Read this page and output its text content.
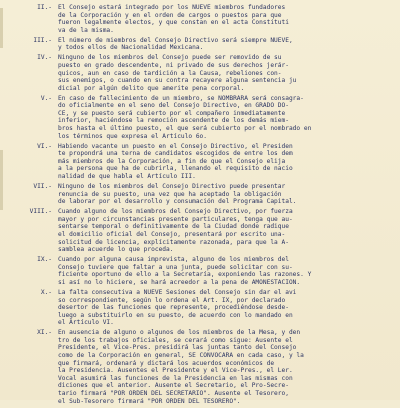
II.- El Consejo estará integrado por los NUEVE miembros fundadores
de la Corporación y en el orden de cargos o puestos para que
fueron legalmente electos, y que constan en el acta Constituti
va de la misma.
III.- El número de miembros del Consejo Directivo será siempre NUEVE,
y todos ellos de Nacionalidad Mexicana.
IV.- Ninguno de los miembros del Consejo puede ser removido de su
puesto en grado descendente, ni privado de sus derechos jerár-
quicos, aun en caso de tardición a la Causa, rebeliones con-
sus enemigos, o cuando en su contra recayere alguna sentencia ju
dicial por algún delito que amerite pena corporal.
V.- En caso de fallecimiento de un miembro, se NOMBRARÁ será consagra-
do oficialmente en el seno del Consejo Directivo, en GRADO DO-
CE, y se puesto será cubierto por el compañero inmediatamente
inferior, haciéndose la remoción ascendente de los demás miem-
bros hasta el último puesto, el que será cubierto por el nombrado en
los términos que expresa el Artículo 6o.
VI.- Habiendo vacante un puesto en el Consejo Directivo, el Presiden
te propondrá una terna de candidatos escogidos de entre los dem
más miembros de la Corporación, a fin de que el Consejo elija
a la persona que ha de cubrirla, llenando el requisito de nacio
nalidad de que habla el Artículo III.
VII.- Ninguno de los miembros del Consejo Directivo puede presentar
renuncia de su puesto, una vez que ha aceptado la obligación
de laborar por el desarrollo y consumación del Programa Capital.
VIII.- Cuando alguno de los miembros del Consejo Directivo, por fuerza
mayor y por circunstancias presente particulares, tenga que au-
sentarse temporal o definitivamente de la Ciudad donde radique
el domicilio oficial del Consejo, presentará por escrito una-
solicitud de licencia, explícitamente razonada, para que la A-
samblea acuerde lo que proceda.
IX.- Cuando por alguna causa imprevista, alguno de los miembros del
Consejo tuviere que faltar a una junta, puede solicitar con su-
ficiente oportuno de ello a la Secretaría, exponiendo las razones. Y
si así no lo hiciere, se hará acreedor a la pena de AMONESTACIÓN.
X.- La falta consecutiva a NUEVE Sesiones del Consejo sin dar el avi
so correspondiente, según lo ordena el Art. IX, por declarado
desertor de las funciones que represente, procediéndose desde-
luego a substituirlo en su puesto, de acuerdo con lo mandado en
el Artículo VI.
XI.- En ausencia de alguno o algunos de los miembros de la Mesa, y den
tro de los trabajos oficiales, se cerará como sigue: Ausente el
Presidente, el Vice-Pres. presidirá las juntas tanto del Consejo
como de la Corporación en general, SE CONVOCARÁ en cada caso, y la
que firmará, ordenará y dictará los acuerdos económicos de
la Presidencia. Ausentes el Presidente y el Vice-Pres., el Ler.
Vocal asumirá las funciones de la Presidencia en las mismas con
diciones que el anterior. Ausente el Secretario, el Pro-Secre-
tario firmará "POR ORDEN DEL SECRETARIO". Ausente el Tesorero,
el Sub-Tesorero firmará "POR ORDEN DEL TESORERO".
